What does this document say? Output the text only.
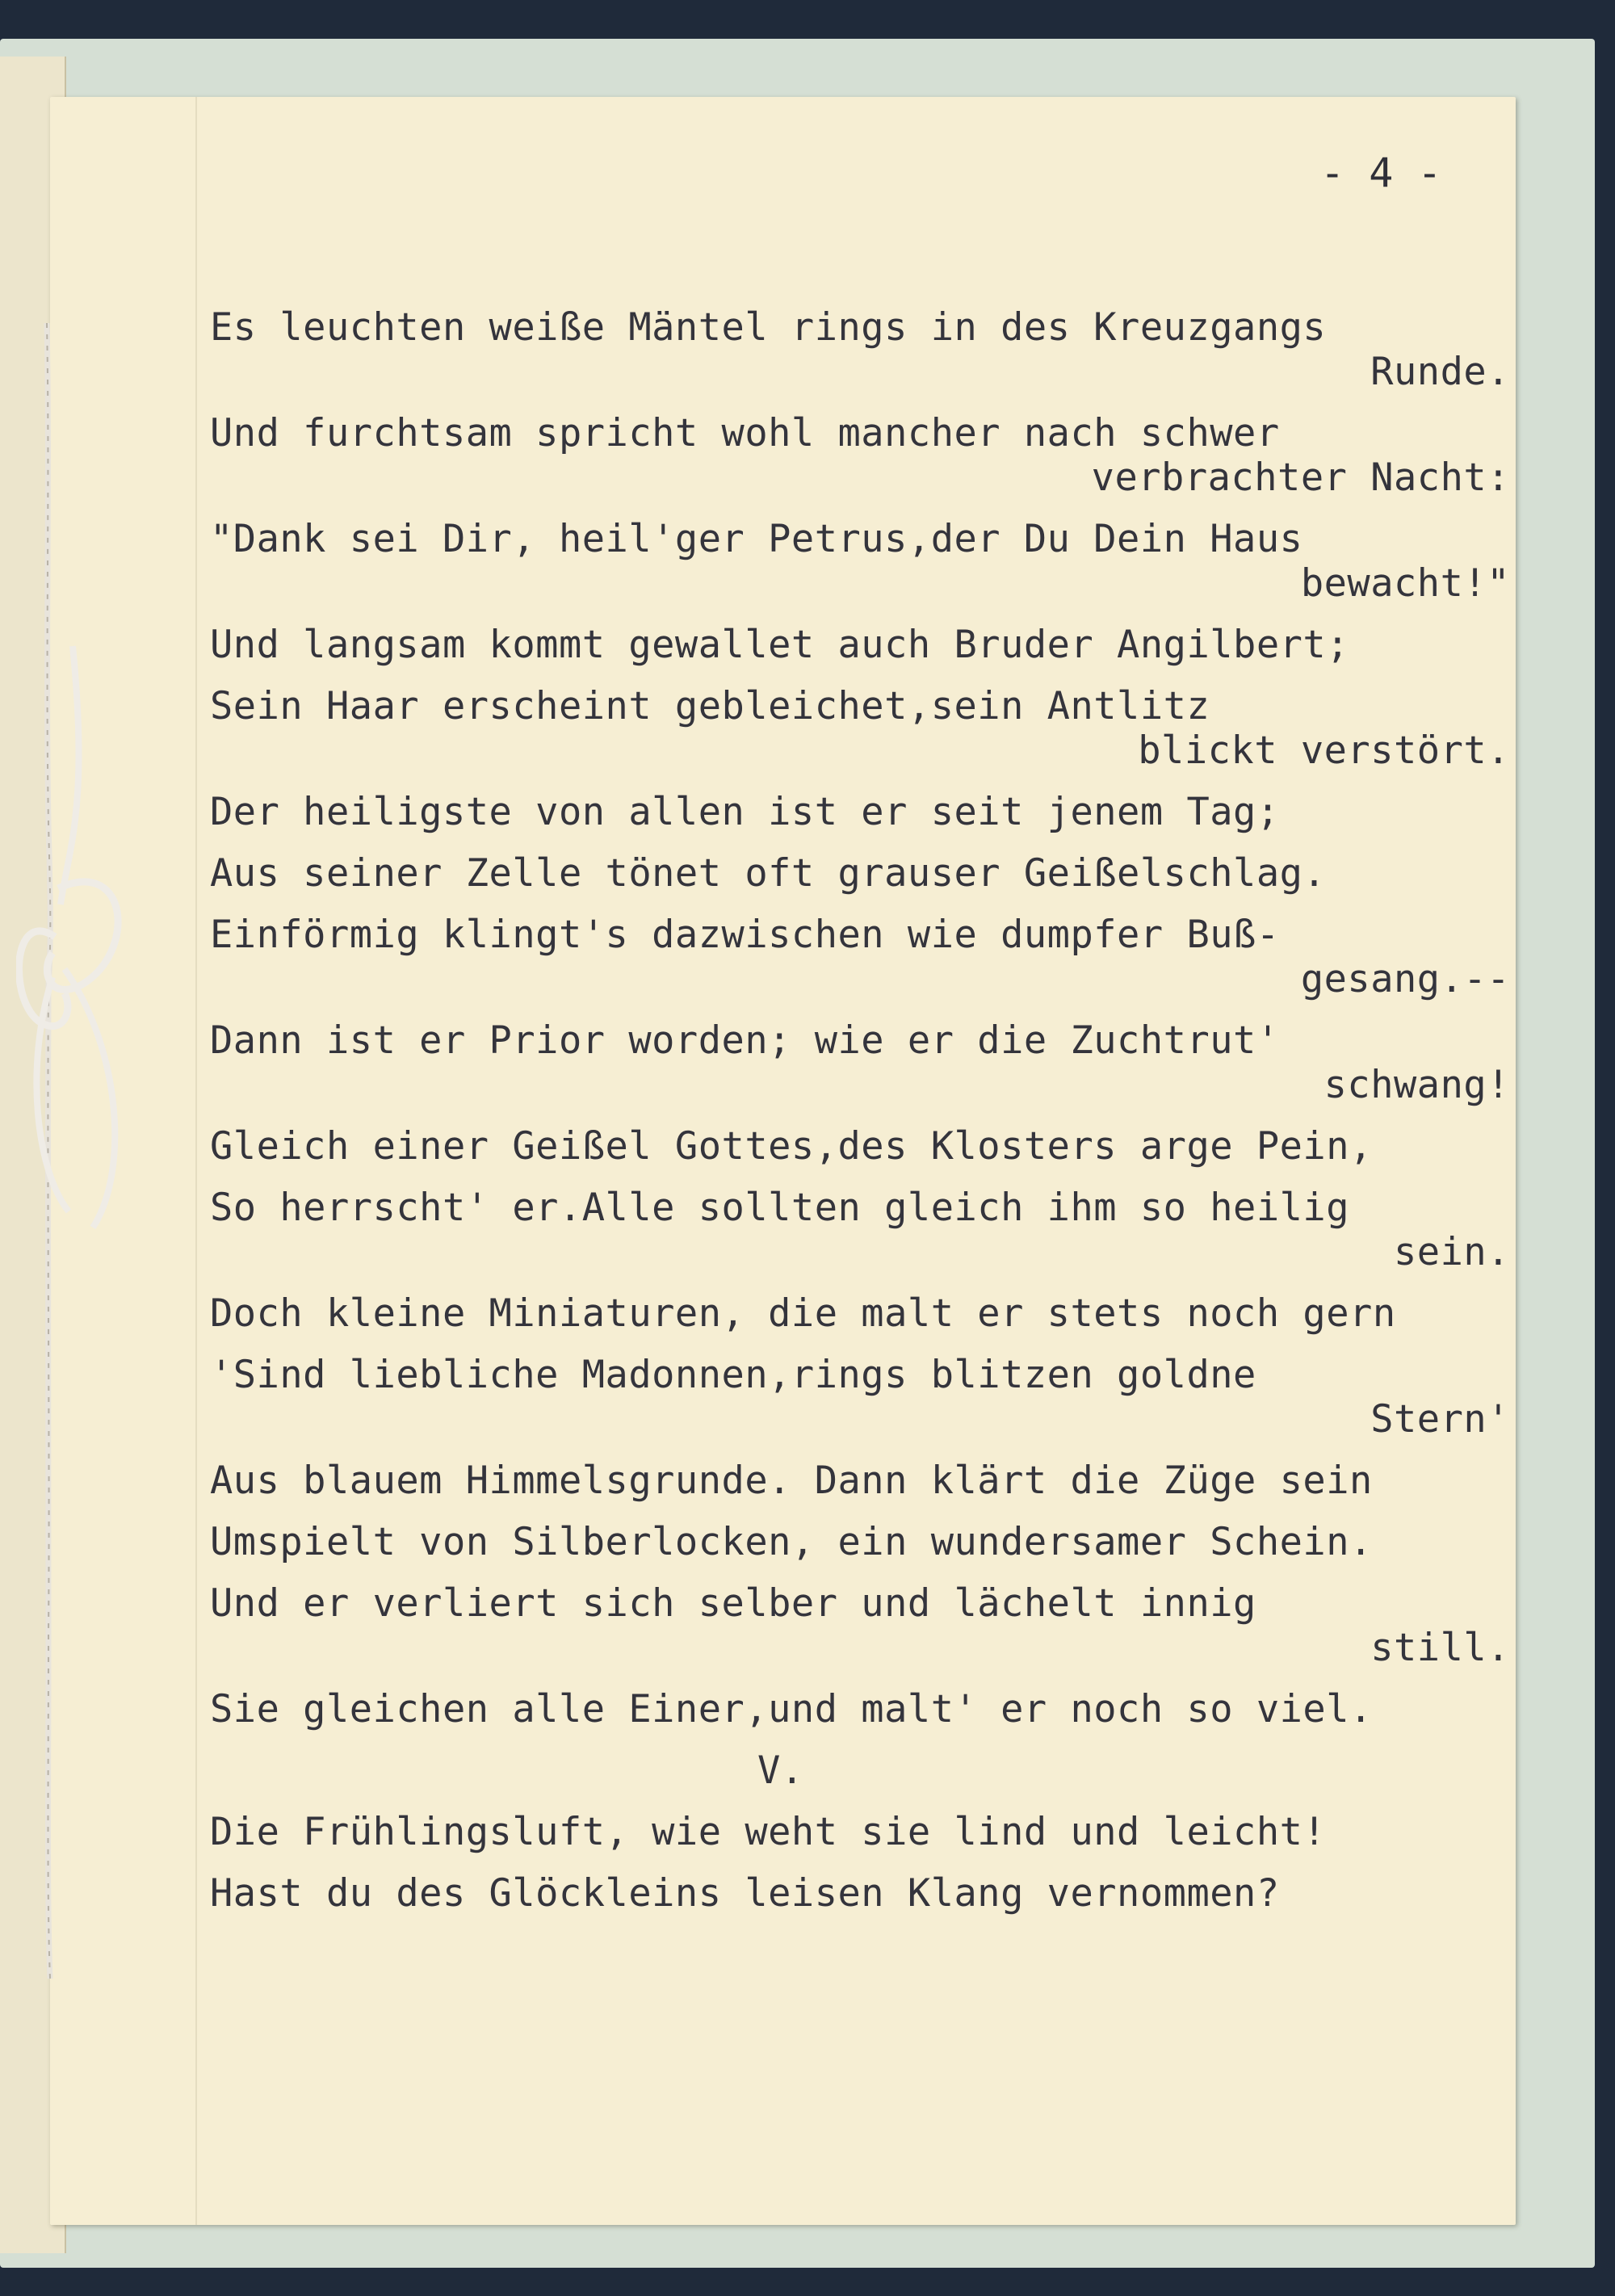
- 4 -
Es leuchten weiße Mäntel rings in des Kreuzgangs
Runde.
Und furchtsam spricht wohl mancher nach schwer
verbrachter Nacht:
"Dank sei Dir, heil'ger Petrus,der Du Dein Haus
bewacht!"
Und langsam kommt gewallet auch Bruder Angilbert;
Sein Haar erscheint gebleichet,sein Antlitz
blickt verstört.
Der heiligste von allen ist er seit jenem Tag;
Aus seiner Zelle tönet oft grauser Geißelschlag.
Einförmig klingt's dazwischen wie dumpfer Buß-
gesang.--
Dann ist er Prior worden; wie er die Zuchtrut'
schwang!
Gleich einer Geißel Gottes,des Klosters arge Pein,
So herrscht' er.Alle sollten gleich ihm so heilig
sein.
Doch kleine Miniaturen, die malt er stets noch gern
'Sind liebliche Madonnen,rings blitzen goldne
Stern'
Aus blauem Himmelsgrunde. Dann klärt die Züge sein
Umspielt von Silberlocken, ein wundersamer Schein.
Und er verliert sich selber und lächelt innig
still.
Sie gleichen alle Einer,und malt' er noch so viel.
V.
Die Frühlingsluft, wie weht sie lind und leicht!
Hast du des Glöckleins leisen Klang vernommen?
